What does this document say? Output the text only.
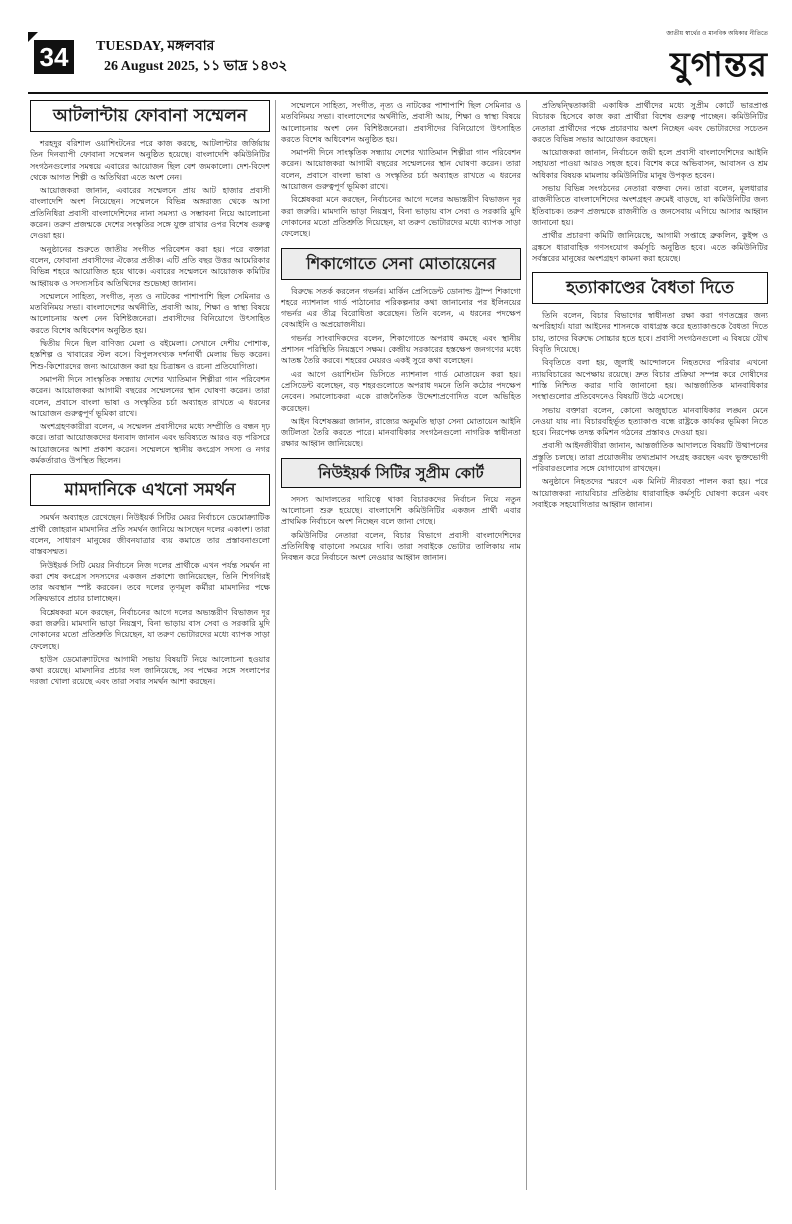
34	TUESDAY, মঙ্গলবার
26 August 2025, ১১ ভাদ্র ১৪৩২
জাতীয় স্বার্থের ও মানবিক অধিকার নীতিতে
যুগান্তর
আটলান্টায় ফোবানা সম্মেলন

শরহদুর বরিশাল ওয়াশিংটনের পরে কাজ করছে, আটলান্টার জর্জিয়ায় তিন দিনব্যাপী ফোবানা সম্মেলন অনুষ্ঠিত হয়েছে। বাংলাদেশি কমিউনিটির সংগঠনগুলোর সমন্বয়ে এবারের আয়োজন ছিল বেশ জমকালো। দেশ-বিদেশ থেকে আগত শিল্পী ও অতিথিরা এতে অংশ নেন।

আয়োজকরা জানান, এবারের সম্মেলনে প্রায় আট হাজার প্রবাসী বাংলাদেশি অংশ নিয়েছেন। সম্মেলনে বিভিন্ন অঙ্গরাজ্য থেকে আসা প্রতিনিধিরা প্রবাসী বাংলাদেশিদের নানা সমস্যা ও সম্ভাবনা নিয়ে আলোচনা করেন। তরুণ প্রজন্মকে দেশের সংস্কৃতির সঙ্গে যুক্ত রাখার ওপর বিশেষ গুরুত্ব দেওয়া হয়।

অনুষ্ঠানের শুরুতে জাতীয় সংগীত পরিবেশন করা হয়। পরে বক্তারা বলেন, ফোবানা প্রবাসীদের ঐক্যের প্রতীক। এটি প্রতি বছর উত্তর আমেরিকার বিভিন্ন শহরে আয়োজিত হয়ে থাকে। এবারের সম্মেলনে আয়োজক কমিটির আহ্বায়ক ও সদস্যসচিব অতিথিদের শুভেচ্ছা জানান।

সম্মেলনে সাহিত্য, সংগীত, নৃত্য ও নাটকের পাশাপাশি ছিল সেমিনার ও মতবিনিময় সভা। বাংলাদেশের অর্থনীতি, প্রবাসী আয়, শিক্ষা ও স্বাস্থ্য বিষয়ে আলোচনায় অংশ নেন বিশিষ্টজনেরা। প্রবাসীদের বিনিয়োগে উৎসাহিত করতে বিশেষ অধিবেশন অনুষ্ঠিত হয়।

দ্বিতীয় দিনে ছিল বাণিজ্য মেলা ও বইমেলা। সেখানে দেশীয় পোশাক, হস্তশিল্প ও খাবারের স্টল বসে। বিপুলসংখ্যক দর্শনার্থী মেলায় ভিড় করেন। শিশু-কিশোরদের জন্য আয়োজন করা হয় চিত্রাঙ্কন ও রচনা প্রতিযোগিতা।

সমাপনী দিনে সাংস্কৃতিক সন্ধ্যায় দেশের খ্যাতিমান শিল্পীরা গান পরিবেশন করেন। আয়োজকরা আগামী বছরের সম্মেলনের স্থান ঘোষণা করেন। তারা বলেন, প্রবাসে বাংলা ভাষা ও সংস্কৃতির চর্চা অব্যাহত রাখতে এ ধরনের আয়োজন গুরুত্বপূর্ণ ভূমিকা রাখে।

অংশগ্রহণকারীরা বলেন, এ সম্মেলন প্রবাসীদের মধ্যে সম্প্রীতি ও বন্ধন দৃঢ় করে। তারা আয়োজকদের ধন্যবাদ জানান এবং ভবিষ্যতে আরও বড় পরিসরে আয়োজনের আশা প্রকাশ করেন। সম্মেলনে স্থানীয় কংগ্রেস সদস্য ও নগর কর্মকর্তারাও উপস্থিত ছিলেন।

মামদানিকে এখনো সমর্থন

সমর্থন অব্যাহত রেখেছেন। নিউইয়র্ক সিটির মেয়র নির্বাচনে ডেমোক্র্যাটিক প্রার্থী জোহরান মামদানির প্রতি সমর্থন জানিয়ে আসছেন দলের একাংশ। তারা বলেন, সাধারণ মানুষের জীবনযাত্রার ব্যয় কমাতে তার প্রস্তাবনাগুলো বাস্তবসম্মত।

নিউইয়র্ক সিটি মেয়র নির্বাচনে নিজ দলের প্রার্থীকে এখন পর্যন্ত সমর্থন না করা শেষ কংগ্রেস সদস্যদের একজন প্রকাশ্যে জানিয়েছেন, তিনি শিগগিরই তার অবস্থান স্পষ্ট করবেন। তবে দলের তৃণমূল কর্মীরা মামদানির পক্ষে সক্রিয়ভাবে প্রচার চালাচ্ছেন।

বিশ্লেষকরা মনে করছেন, নির্বাচনের আগে দলের অভ্যন্তরীণ বিভাজন দূর করা জরুরি। মামদানি ভাড়া নিয়ন্ত্রণ, বিনা ভাড়ায় বাস সেবা ও সরকারি মুদি দোকানের মতো প্রতিশ্রুতি দিয়েছেন, যা তরুণ ভোটারদের মধ্যে ব্যাপক সাড়া ফেলেছে।

হাউস ডেমোক্র্যাটদের আগামী সভায় বিষয়টি নিয়ে আলোচনা হওয়ার কথা রয়েছে। মামদানির প্রচার দল জানিয়েছে, সব পক্ষের সঙ্গে সংলাপের দরজা খোলা রয়েছে এবং তারা সবার সমর্থন আশা করছেন।

সম্মেলনে সাহিত্য, সংগীত, নৃত্য ও নাটকের পাশাপাশি ছিল সেমিনার ও মতবিনিময় সভা। বাংলাদেশের অর্থনীতি, প্রবাসী আয়, শিক্ষা ও স্বাস্থ্য বিষয়ে আলোচনায় অংশ নেন বিশিষ্টজনেরা। প্রবাসীদের বিনিয়োগে উৎসাহিত করতে বিশেষ অধিবেশন অনুষ্ঠিত হয়।

সমাপনী দিনে সাংস্কৃতিক সন্ধ্যায় দেশের খ্যাতিমান শিল্পীরা গান পরিবেশন করেন। আয়োজকরা আগামী বছরের সম্মেলনের স্থান ঘোষণা করেন। তারা বলেন, প্রবাসে বাংলা ভাষা ও সংস্কৃতির চর্চা অব্যাহত রাখতে এ ধরনের আয়োজন গুরুত্বপূর্ণ ভূমিকা রাখে।

বিশ্লেষকরা মনে করছেন, নির্বাচনের আগে দলের অভ্যন্তরীণ বিভাজন দূর করা জরুরি। মামদানি ভাড়া নিয়ন্ত্রণ, বিনা ভাড়ায় বাস সেবা ও সরকারি মুদি দোকানের মতো প্রতিশ্রুতি দিয়েছেন, যা তরুণ ভোটারদের মধ্যে ব্যাপক সাড়া ফেলেছে।

শিকাগোতে সেনা মোতায়েনের

বিরুদ্ধে সতর্ক করলেন গভর্নর। মার্কিন প্রেসিডেন্ট ডোনাল্ড ট্রাম্প শিকাগো শহরে ন্যাশনাল গার্ড পাঠানোর পরিকল্পনার কথা জানানোর পর ইলিনয়ের গভর্নর এর তীব্র বিরোধিতা করেছেন। তিনি বলেন, এ ধরনের পদক্ষেপ বেআইনি ও অপ্রয়োজনীয়।

গভর্নর সাংবাদিকদের বলেন, শিকাগোতে অপরাধ কমছে এবং স্থানীয় প্রশাসন পরিস্থিতি নিয়ন্ত্রণে সক্ষম। কেন্দ্রীয় সরকারের হস্তক্ষেপ জনগণের মধ্যে আতঙ্ক তৈরি করবে। শহরের মেয়রও একই সুরে কথা বলেছেন।

এর আগে ওয়াশিংটন ডিসিতে ন্যাশনাল গার্ড মোতায়েন করা হয়। প্রেসিডেন্ট বলেছেন, বড় শহরগুলোতে অপরাধ দমনে তিনি কঠোর পদক্ষেপ নেবেন। সমালোচকরা একে রাজনৈতিক উদ্দেশ্যপ্রণোদিত বলে অভিহিত করেছেন।

আইন বিশেষজ্ঞরা জানান, রাজ্যের অনুমতি ছাড়া সেনা মোতায়েন আইনি জটিলতা তৈরি করতে পারে। মানবাধিকার সংগঠনগুলো নাগরিক স্বাধীনতা রক্ষার আহ্বান জানিয়েছে।

নিউইয়র্ক সিটির সুপ্রীম কোর্ট

সদস্য আদালতের দায়িত্বে থাকা বিচারকদের নির্বাচন নিয়ে নতুন আলোচনা শুরু হয়েছে। বাংলাদেশি কমিউনিটির একজন প্রার্থী এবার প্রাথমিক নির্বাচনে অংশ নিচ্ছেন বলে জানা গেছে।

কমিউনিটির নেতারা বলেন, বিচার বিভাগে প্রবাসী বাংলাদেশিদের প্রতিনিধিত্ব বাড়ানো সময়ের দাবি। তারা সবাইকে ভোটার তালিকায় নাম নিবন্ধন করে নির্বাচনে অংশ নেওয়ার আহ্বান জানান।

প্রতিদ্বন্দ্বিতাকারী একাধিক প্রার্থীদের মধ্যে সুপ্রীম কোর্টে ভারপ্রাপ্ত বিচারক হিসেবে কাজ করা প্রার্থীরা বিশেষ গুরুত্ব পাচ্ছেন। কমিউনিটির নেতারা প্রার্থীদের পক্ষে প্রচারণায় অংশ নিচ্ছেন এবং ভোটারদের সচেতন করতে বিভিন্ন সভার আয়োজন করছেন।

আয়োজকরা জানান, নির্বাচনে জয়ী হলে প্রবাসী বাংলাদেশিদের আইনি সহায়তা পাওয়া আরও সহজ হবে। বিশেষ করে অভিবাসন, আবাসন ও শ্রম অধিকার বিষয়ক মামলায় কমিউনিটির মানুষ উপকৃত হবেন।

সভায় বিভিন্ন সংগঠনের নেতারা বক্তব্য দেন। তারা বলেন, মূলধারার রাজনীতিতে বাংলাদেশিদের অংশগ্রহণ ক্রমেই বাড়ছে, যা কমিউনিটির জন্য ইতিবাচক। তরুণ প্রজন্মকে রাজনীতি ও জনসেবায় এগিয়ে আসার আহ্বান জানানো হয়।

প্রার্থীর প্রচারণা কমিটি জানিয়েছে, আগামী সপ্তাহে ব্রুকলিন, কুইন্স ও ব্রঙ্কসে ধারাবাহিক গণসংযোগ কর্মসূচি অনুষ্ঠিত হবে। এতে কমিউনিটির সর্বস্তরের মানুষের অংশগ্রহণ কামনা করা হয়েছে।

হত্যাকাণ্ডের বৈধতা দিতে

তিনি বলেন, বিচার বিভাগের স্বাধীনতা রক্ষা করা গণতন্ত্রের জন্য অপরিহার্য। যারা আইনের শাসনকে বাধাগ্রস্ত করে হত্যাকাণ্ডকে বৈধতা দিতে চায়, তাদের বিরুদ্ধে সোচ্চার হতে হবে। প্রবাসী সংগঠনগুলো এ বিষয়ে যৌথ বিবৃতি দিয়েছে।

বিবৃতিতে বলা হয়, জুলাই আন্দোলনে নিহতদের পরিবার এখনো ন্যায়বিচারের অপেক্ষায় রয়েছে। দ্রুত বিচার প্রক্রিয়া সম্পন্ন করে দোষীদের শাস্তি নিশ্চিত করার দাবি জানানো হয়। আন্তর্জাতিক মানবাধিকার সংস্থাগুলোর প্রতিবেদনেও বিষয়টি উঠে এসেছে।

সভায় বক্তারা বলেন, কোনো অজুহাতে মানবাধিকার লঙ্ঘন মেনে নেওয়া যায় না। বিচারবহির্ভূত হত্যাকাণ্ড বন্ধে রাষ্ট্রকে কার্যকর ভূমিকা নিতে হবে। নিরপেক্ষ তদন্ত কমিশন গঠনের প্রস্তাবও দেওয়া হয়।

প্রবাসী আইনজীবীরা জানান, আন্তর্জাতিক আদালতে বিষয়টি উত্থাপনের প্রস্তুতি চলছে। তারা প্রয়োজনীয় তথ্যপ্রমাণ সংগ্রহ করছেন এবং ভুক্তভোগী পরিবারগুলোর সঙ্গে যোগাযোগ রাখছেন।

অনুষ্ঠানে নিহতদের স্মরণে এক মিনিট নীরবতা পালন করা হয়। পরে আয়োজকরা ন্যায়বিচার প্রতিষ্ঠায় ধারাবাহিক কর্মসূচি ঘোষণা করেন এবং সবাইকে সহযোগিতার আহ্বান জানান।
